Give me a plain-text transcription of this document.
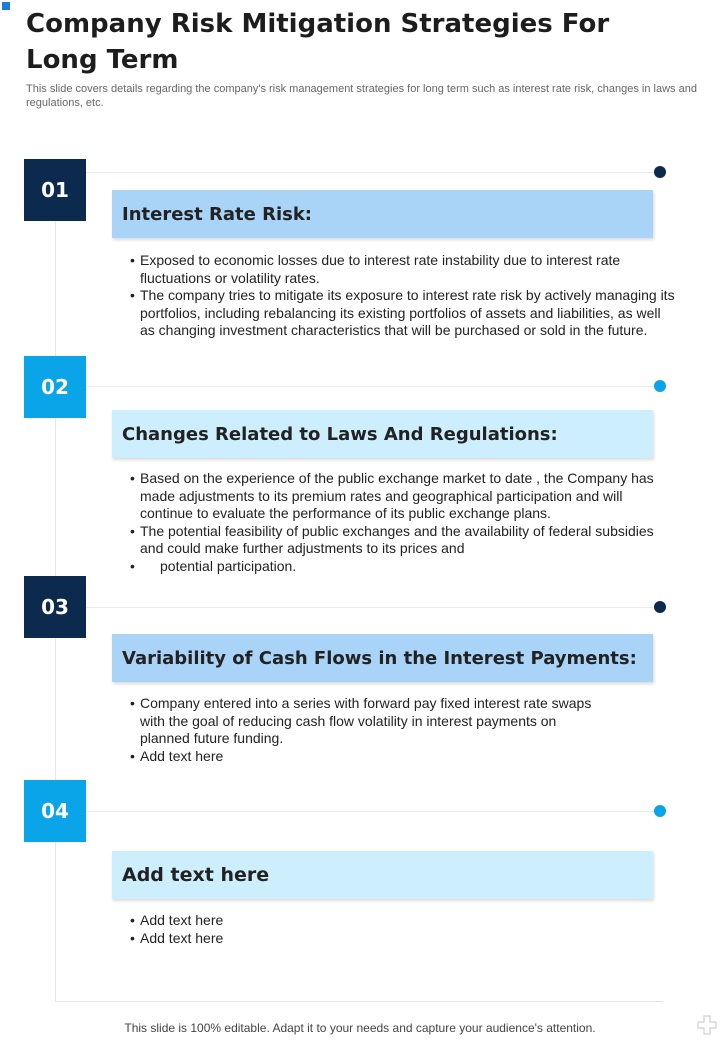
Company Risk Mitigation Strategies For Long Term

This slide covers details regarding the company's risk management strategies for long term such as interest rate risk, changes in laws and regulations, etc.

01
Interest Rate Risk:
• Exposed to economic losses due to interest rate instability due to interest rate fluctuations or volatility rates.
• The company tries to mitigate its exposure to interest rate risk by actively managing its portfolios, including rebalancing its existing portfolios of assets and liabilities, as well as changing investment characteristics that will be purchased or sold in the future.
02
Changes Related to Laws And Regulations:
• Based on the experience of the public exchange market to date , the Company has made adjustments to its premium rates and geographical participation and will continue to evaluate the performance of its public exchange plans.
• The potential feasibility of public exchanges and the availability of federal subsidies and could make further adjustments to its prices and
• potential participation.
03
Variability of Cash Flows in the Interest Payments:
• Company entered into a series with forward pay fixed interest rate swaps with the goal of reducing cash flow volatility in interest payments on planned future funding.
• Add text here
04
Add text here
• Add text here
• Add text here
This slide is 100% editable. Adapt it to your needs and capture your audience's attention.
